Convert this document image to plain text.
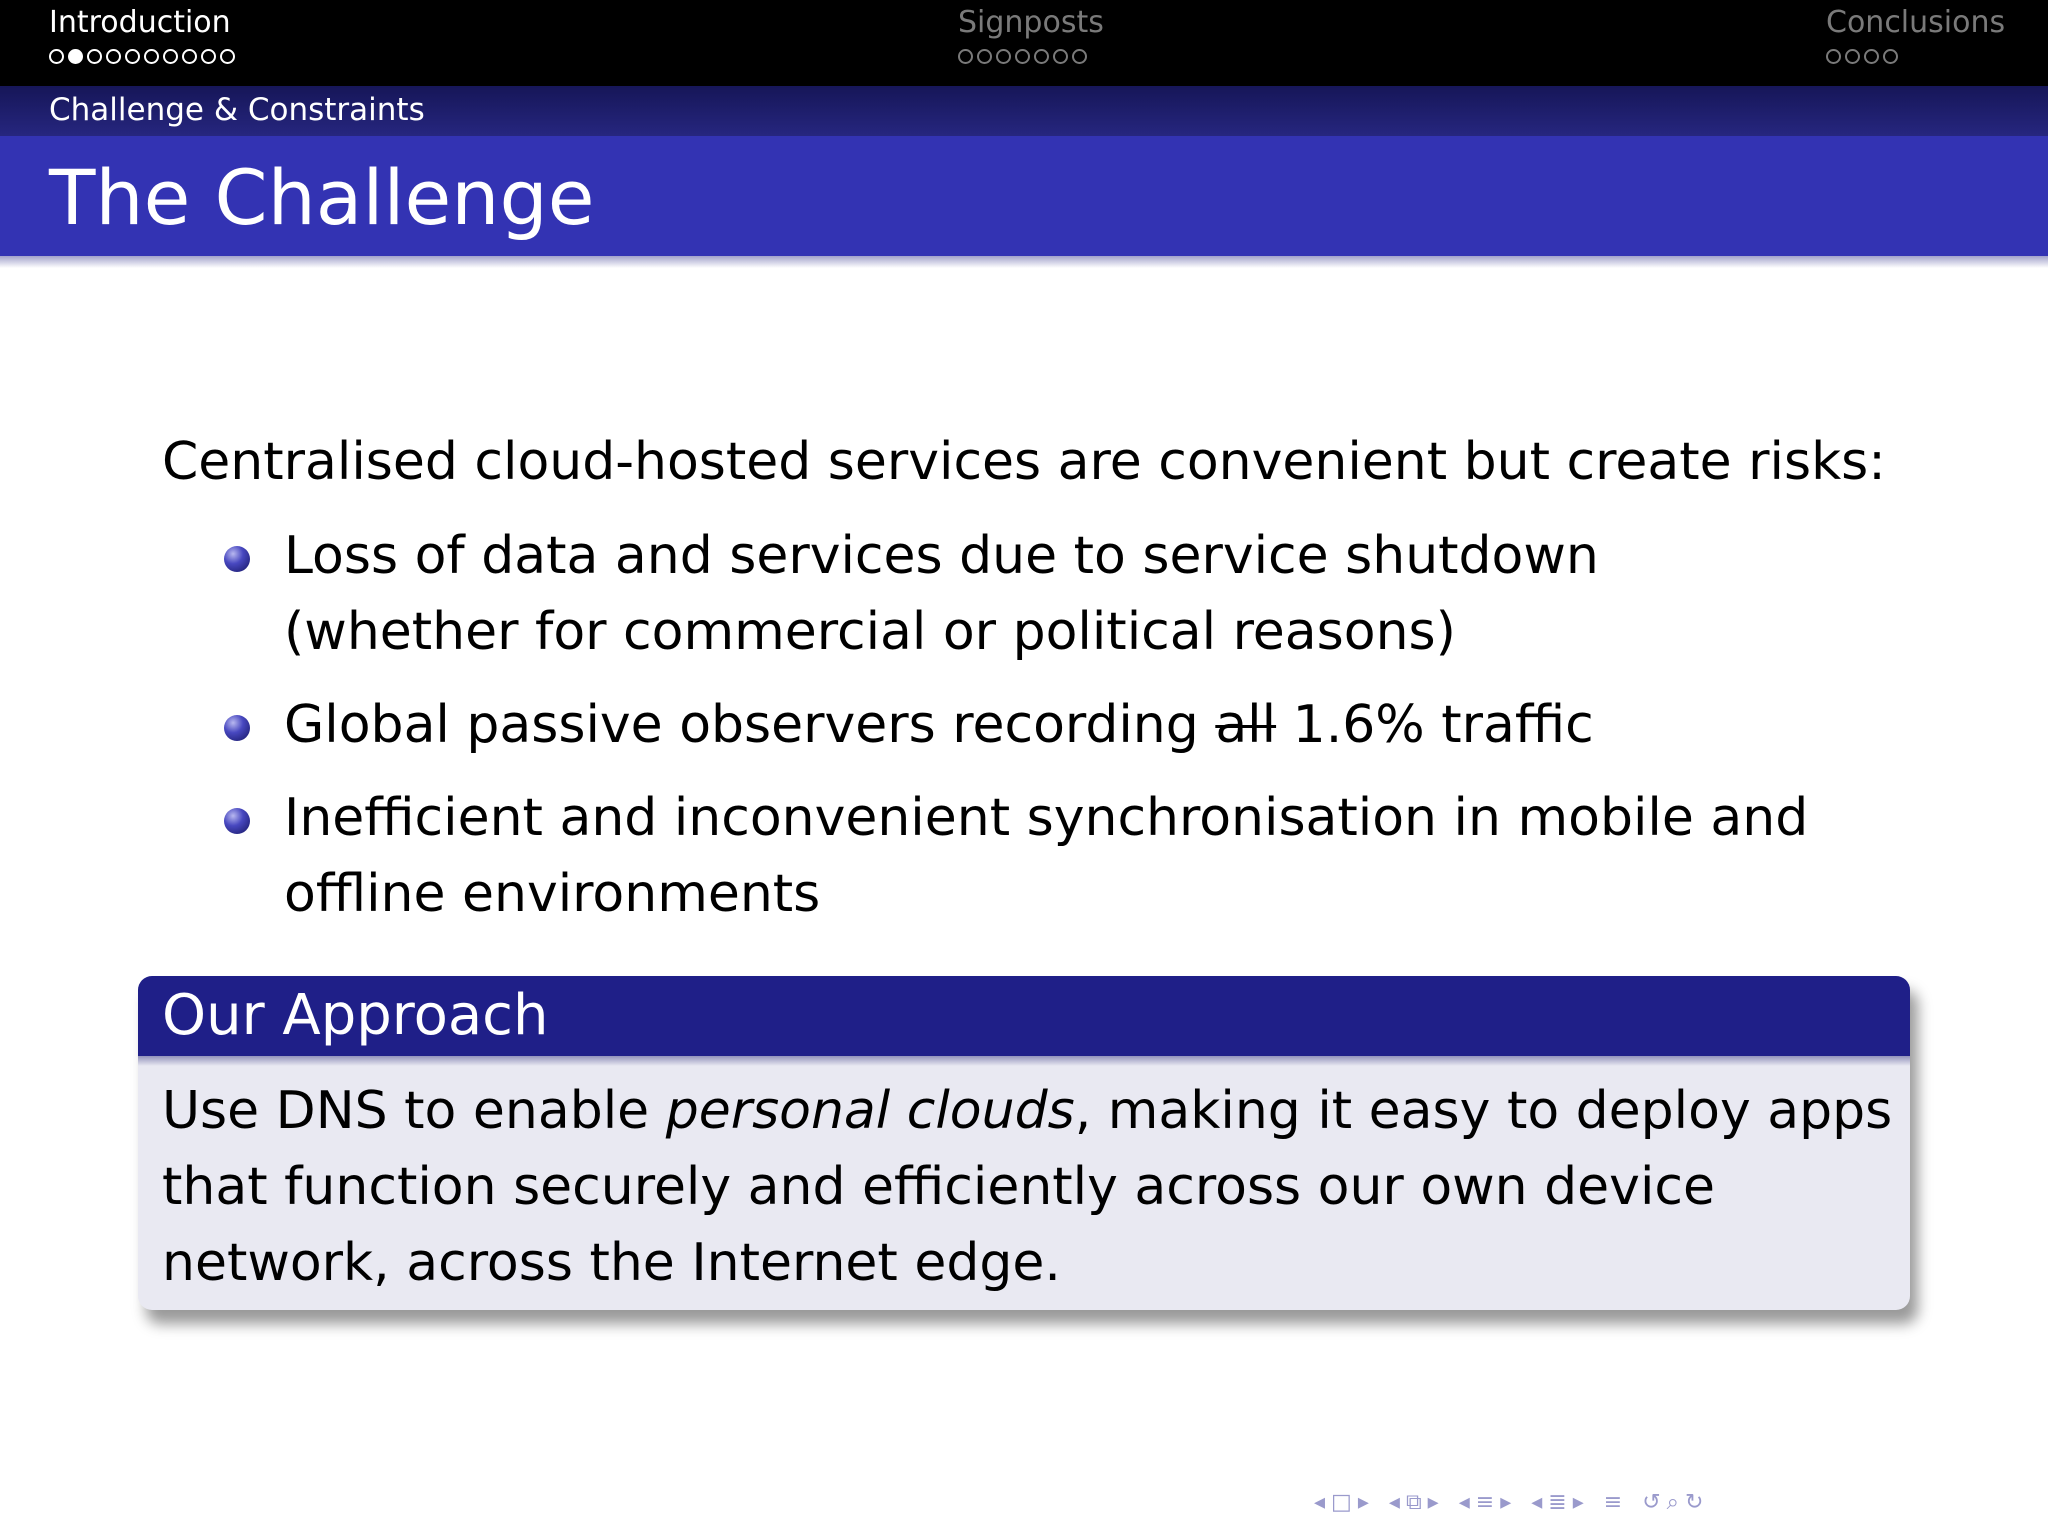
Introduction	Signposts	Conclusions
Challenge & Constraints
The Challenge
Centralised cloud-hosted services are convenient but create risks:
Loss of data and services due to service shutdown
(whether for commercial or political reasons)
Global passive observers recording all 1.6% traffic
Inefficient and inconvenient synchronisation in mobile and offline environments
Our Approach
Use DNS to enable personal clouds, making it easy to deploy apps that function securely and efficiently across our own device network, across the Internet edge.
◂ □ ▸ ◂ ⧉ ▸ ◂ ≡ ▸ ◂ ≣ ▸ ≡ ↺ ⌕ ↻
